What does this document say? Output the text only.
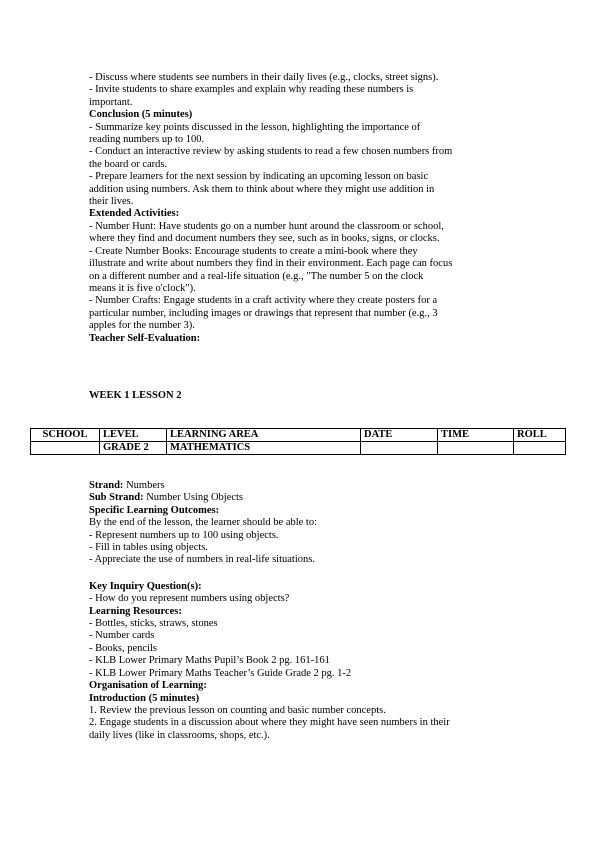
- Discuss where students see numbers in their daily lives (e.g., clocks, street signs).
- Invite students to share examples and explain why reading these numbers is
important.
Conclusion (5 minutes)
- Summarize key points discussed in the lesson, highlighting the importance of
reading numbers up to 100.
- Conduct an interactive review by asking students to read a few chosen numbers from
the board or cards.
- Prepare learners for the next session by indicating an upcoming lesson on basic
addition using numbers. Ask them to think about where they might use addition in
their lives.
Extended Activities:
- Number Hunt: Have students go on a number hunt around the classroom or school,
where they find and document numbers they see, such as in books, signs, or clocks.
- Create Number Books: Encourage students to create a mini-book where they
illustrate and write about numbers they find in their environment. Each page can focus
on a different number and a real-life situation (e.g., "The number 5 on the clock
means it is five o'clock").
- Number Crafts: Engage students in a craft activity where they create posters for a
particular number, including images or drawings that represent that number (e.g., 3
apples for the number 3).
Teacher Self-Evaluation:
WEEK 1 LESSON 2
SCHOOL	LEVEL	LEARNING AREA	DATE	TIME	ROLL
	GRADE 2	MATHEMATICS			
Strand: Numbers
Sub Strand: Number Using Objects
Specific Learning Outcomes:
By the end of the lesson, the learner should be able to:
- Represent numbers up to 100 using objects.
- Fill in tables using objects.
- Appreciate the use of numbers in real-life situations.
Key Inquiry Question(s):
- How do you represent numbers using objects?
Learning Resources:
- Bottles, sticks, straws, stones
- Number cards
- Books, pencils
- KLB Lower Primary Maths Pupil’s Book 2 pg. 161-161
- KLB Lower Primary Maths Teacher’s Guide Grade 2 pg. 1-2
Organisation of Learning:
Introduction (5 minutes)
1. Review the previous lesson on counting and basic number concepts.
2. Engage students in a discussion about where they might have seen numbers in their
daily lives (like in classrooms, shops, etc.).
